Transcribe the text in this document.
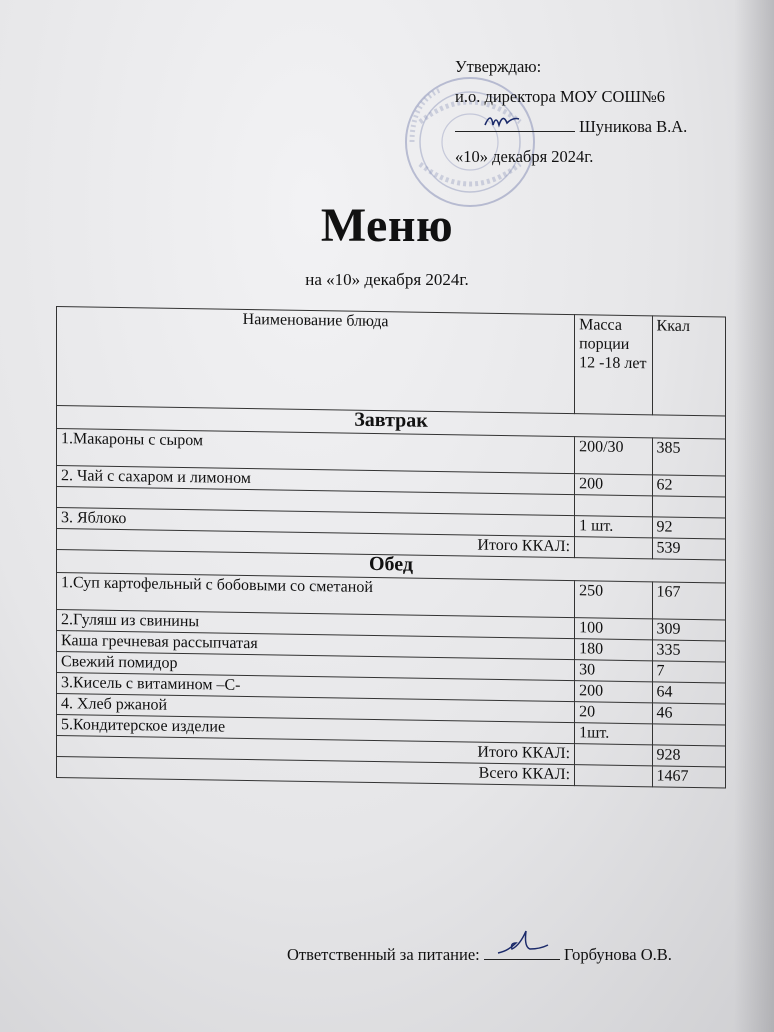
Утверждаю:
и.о. директора МОУ СОШ№6
Шуникова В.А.
«10» декабря 2024г.
Меню
на «10» декабря 2024г.
Наименование блюда	Масса порции 12 -18 лет	Ккал
Завтрак		
1.Макароны с сыром	200/30	385
2. Чай с сахаром и лимоном	200	62

3. Яблоко	1 шт.	92
Итого ККАЛ:		539
Обед		
1.Суп картофельный с бобовыми со сметаной	250	167
2.Гуляш из свинины	100	309
Каша гречневая рассыпчатая	180	335
Свежий помидор	30	7
3.Кисель с витамином –С-	200	64
4. Хлеб ржаной	20	46
5.Кондитерское изделие	1шт.	
Итого ККАЛ:		928
Всего ККАЛ:		1467
Ответственный за питание:	Горбунова О.В.
